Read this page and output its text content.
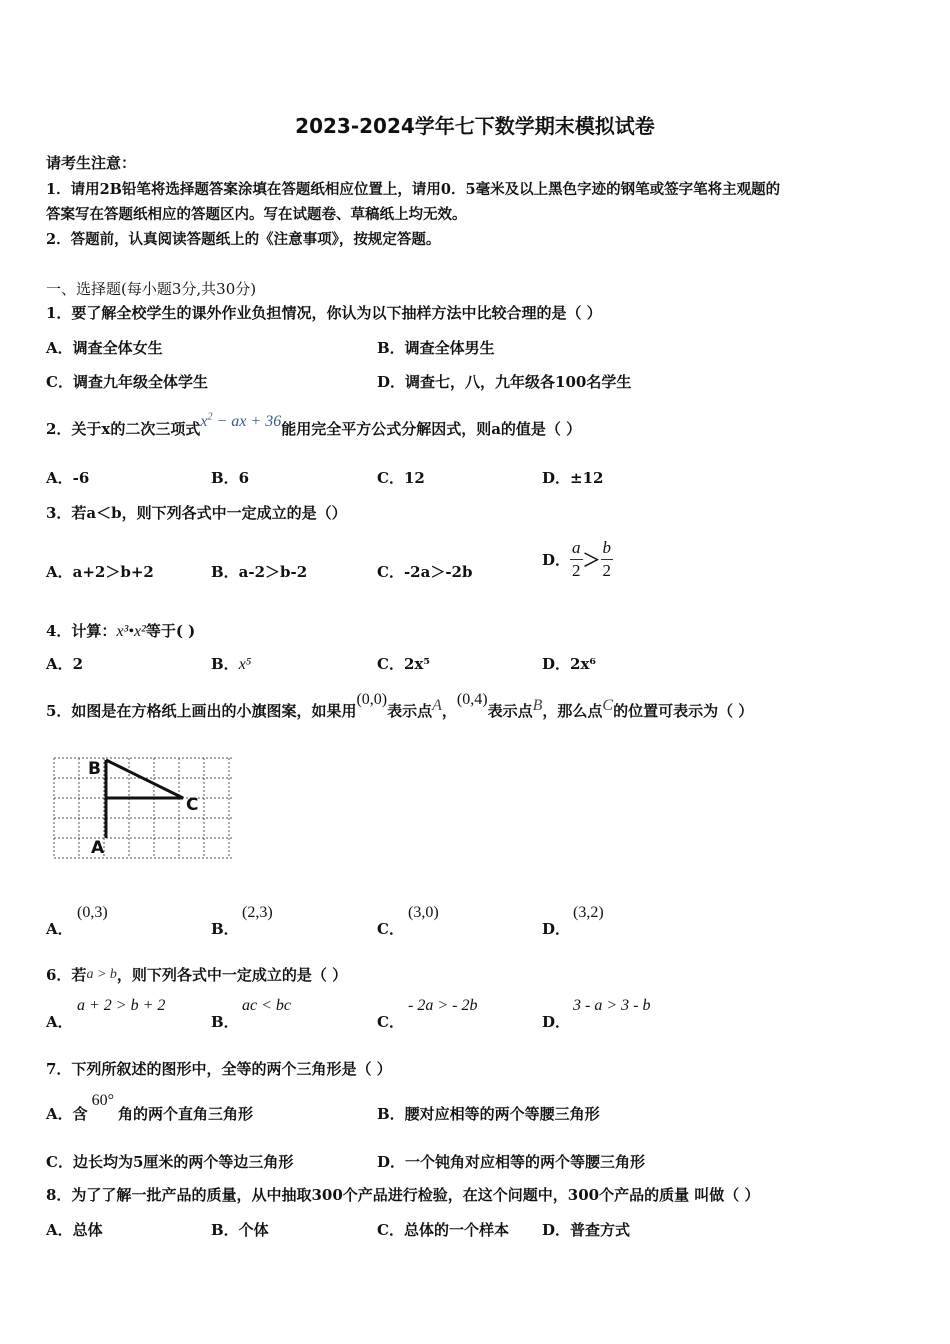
2023-2024学年七下数学期末模拟试卷
请考生注意：
1．请用2B铅笔将选择题答案涂填在答题纸相应位置上，请用0．5毫米及以上黑色字迹的钢笔或签字笔将主观题的
答案写在答题纸相应的答题区内。写在试题卷、草稿纸上均无效。
2．答题前，认真阅读答题纸上的《注意事项》，按规定答题。
一、选择题(每小题3分,共30分)
1．要了解全校学生的课外作业负担情况，你认为以下抽样方法中比较合理的是（ ）
A．调查全体女生	B．调查全体男生
C．调查九年级全体学生	D．调查七，八，九年级各100名学生
2．关于x的二次三项式$x^2$ − ax + 36能用完全平方公式分解因式，则a的值是（ ）
A．-6	B．6	C．12	D．±12
3．若a＜b，则下列各式中一定成立的是（）
A．a+2＞b+2	B．a-2＞b-2	C．-2a＞-2b
D． $\frac{a}{2} > \frac{b}{2}$
4．计算：x³•x²等于( )
A．2	B．x⁵	C．2x⁵	D．2x⁶
5．如图是在方格纸上画出的小旗图案，如果用(0,0)表示点A，(0,4)表示点B，那么点C的位置可表示为（ ）
B
C
A
A．
(0,3)
B．
(2,3)
C．
(3,0)
D．
(3,2)
6．若a > b，则下列各式中一定成立的是（ ）
A．
a + 2 > b + 2
B．
ac < bc
C．
- 2a > - 2b
D．
3 - a > 3 - b
7．下列所叙述的图形中，全等的两个三角形是（ ）
A．含60°角的两个直角三角形	B．腰对应相等的两个等腰三角形
C．边长均为5厘米的两个等边三角形	D．一个钝角对应相等的两个等腰三角形
8．为了了解一批产品的质量，从中抽取300个产品进行检验，在这个问题中，300个产品的质量 叫做（ ）
A．总体	B．个体	C．总体的一个样本 D．普查方式
